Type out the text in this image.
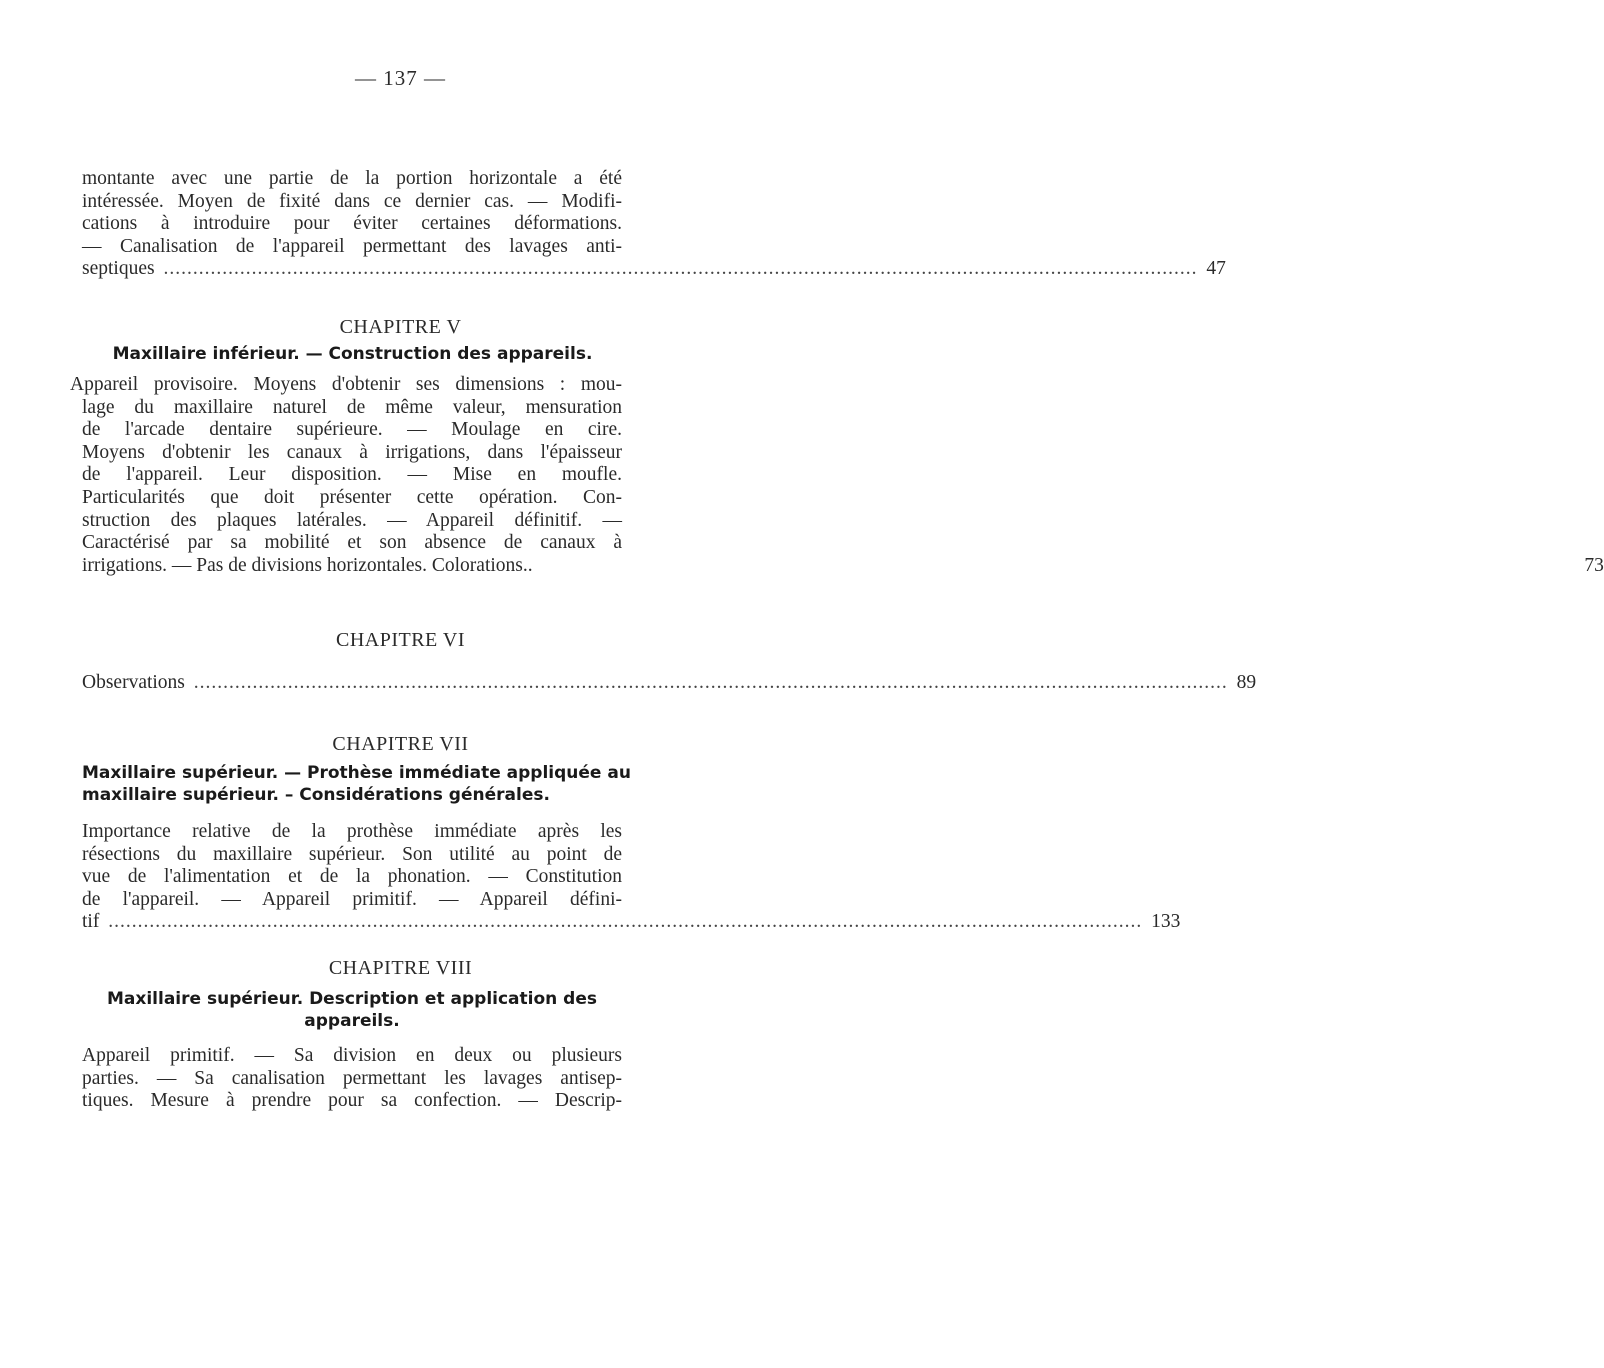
— 137 —
montante avec une partie de la portion horizontale a été
intéressée. Moyen de fixité dans ce dernier cas. — Modifi-
cations à introduire pour éviter certaines déformations.
— Canalisation de l'appareil permettant des lavages anti-
septiques .....	47
CHAPITRE V
Maxillaire inférieur. — Construction des appareils.
Appareil provisoire. Moyens d'obtenir ses dimensions : mou-
lage du maxillaire naturel de même valeur, mensuration
de l'arcade dentaire supérieure. — Moulage en cire.
Moyens d'obtenir les canaux à irrigations, dans l'épaisseur
de l'appareil. Leur disposition. — Mise en moufle.
Particularités que doit présenter cette opération. Con-
struction des plaques latérales. — Appareil définitif. —
Caractérisé par sa mobilité et son absence de canaux à
irrigations. — Pas de divisions horizontales. Colorations..	73
CHAPITRE VI
Observations .....	89
CHAPITRE VII
Maxillaire supérieur. — Prothèse immédiate appliquée au
maxillaire supérieur. – Considérations générales.
Importance relative de la prothèse immédiate après les
résections du maxillaire supérieur. Son utilité au point de
vue de l'alimentation et de la phonation. — Constitution
de l'appareil. — Appareil primitif. — Appareil défini-
tif .....	133
CHAPITRE VIII
Maxillaire supérieur. Description et application des
appareils.
Appareil primitif. — Sa division en deux ou plusieurs
parties. — Sa canalisation permettant les lavages antisep-
tiques. Mesure à prendre pour sa confection. — Descrip-
